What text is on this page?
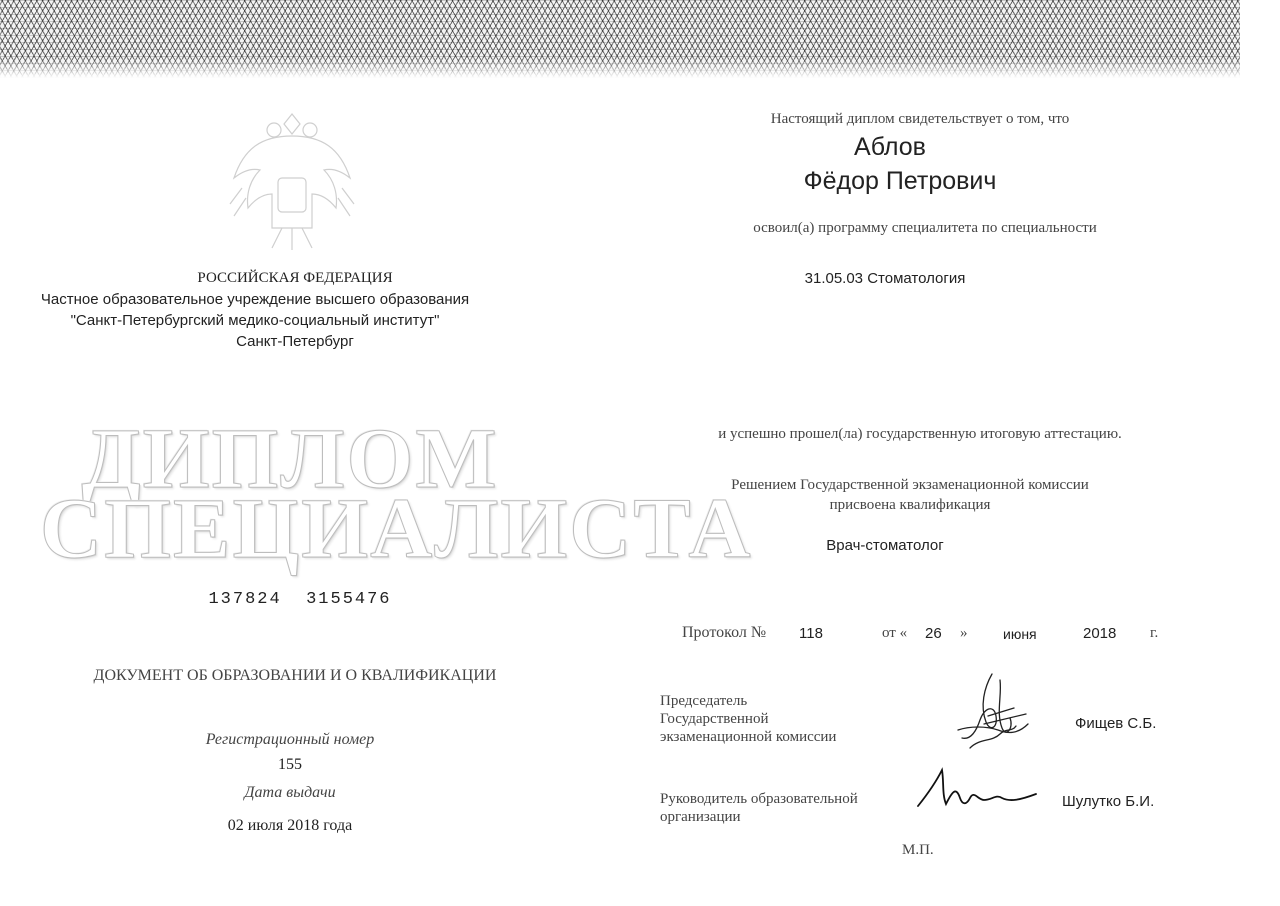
РОССИЙСКАЯ ФЕДЕРАЦИЯ
Частное образовательное учреждение высшего образования
"Санкт-Петербургский медико-социальный институт"
Санкт-Петербург
ДИПЛОМ
СПЕЦИАЛИСТА
137824  3155476
ДОКУМЕНТ ОБ ОБРАЗОВАНИИ И О КВАЛИФИКАЦИИ
Регистрационный номер
155
Дата выдачи
02 июля 2018 года
Настоящий диплом свидетельствует о том, что
Аблов
Фёдор Петрович
освоил(а) программу специалитета по специальности
31.05.03 Стоматология
и успешно прошел(ла) государственную итоговую аттестацию.
Решением Государственной экзаменационной комиссии
присвоена квалификация
Врач-стоматолог
Протокол № 118	от « 26 »	июня	2018 г.
Председатель
Государственной
экзаменационной комиссии
Фищев С.Б.
Руководитель образовательной
организации
Шулутко Б.И.
М.П.
